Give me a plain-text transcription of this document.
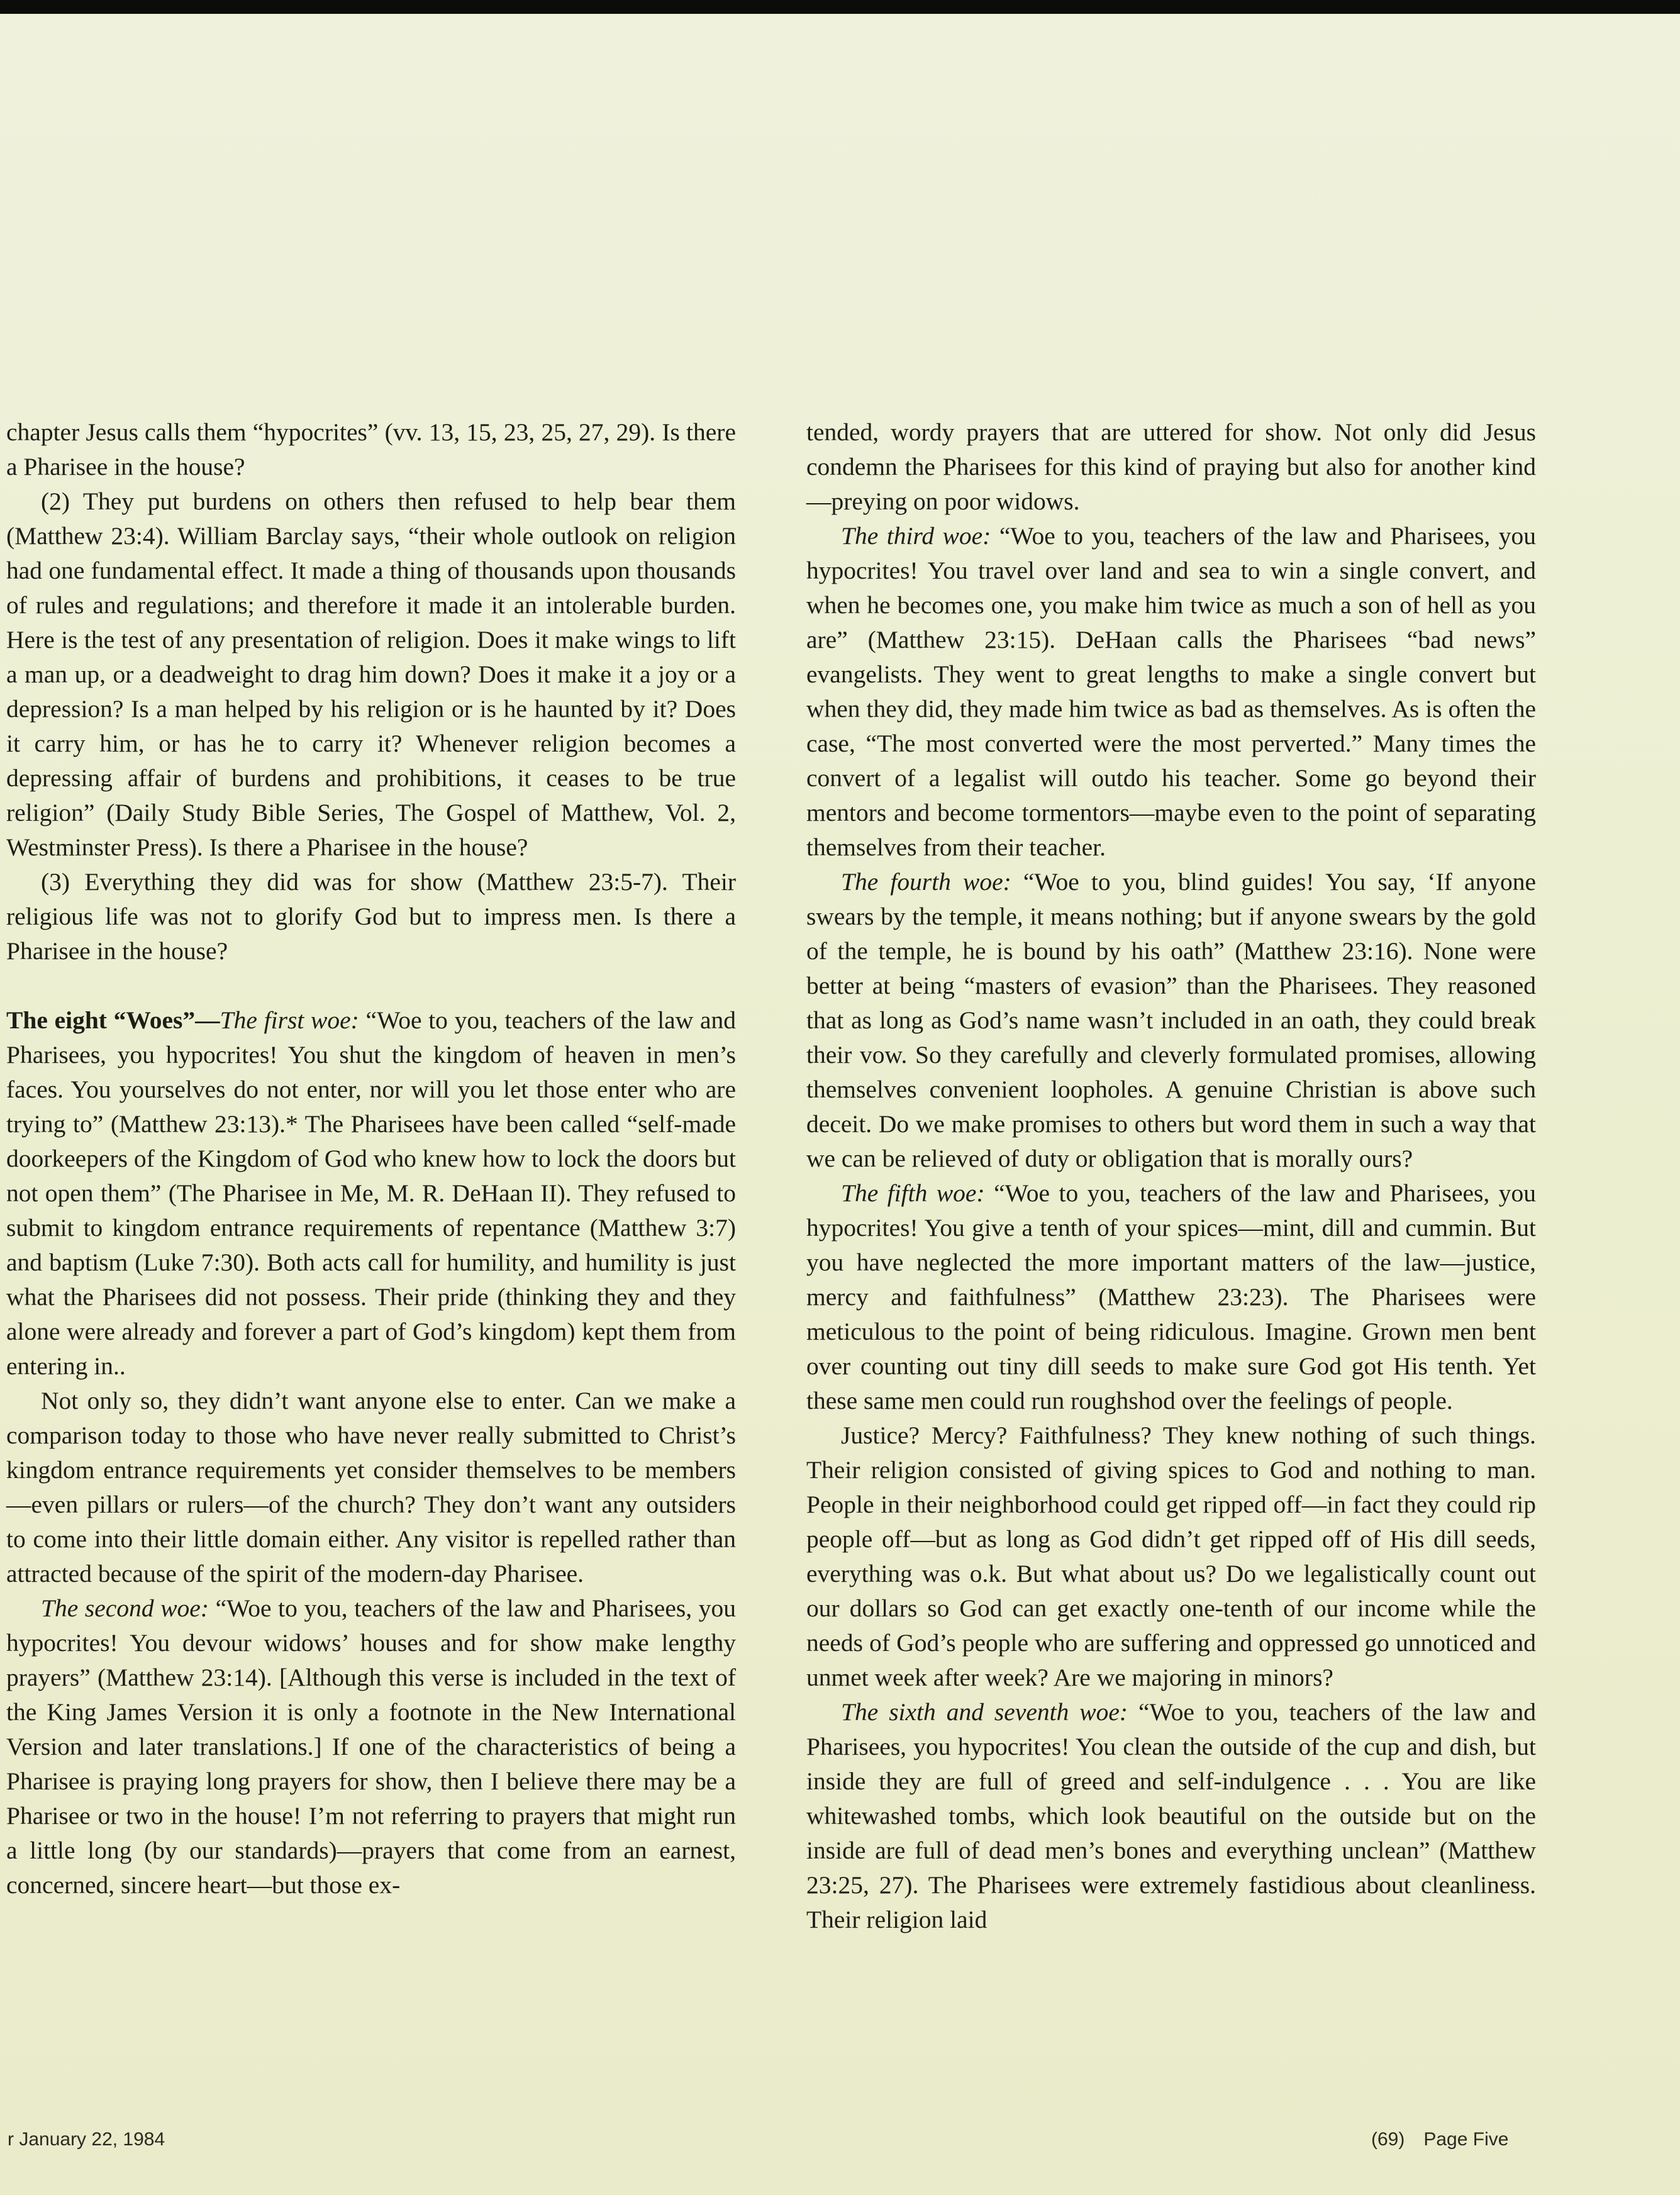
chapter Jesus calls them “hypocrites” (vv. 13, 15, 23, 25, 27, 29). Is there a Pharisee in the house?

(2) They put burdens on others then refused to help bear them (Matthew 23:4). William Barclay says, “their whole outlook on religion had one fundamental effect. It made a thing of thousands upon thousands of rules and regulations; and therefore it made it an intolerable burden. Here is the test of any presentation of religion. Does it make wings to lift a man up, or a deadweight to drag him down? Does it make it a joy or a depression? Is a man helped by his religion or is he haunted by it? Does it carry him, or has he to carry it? Whenever religion becomes a depressing affair of burdens and prohibitions, it ceases to be true religion” (Daily Study Bible Series, The Gospel of Matthew, Vol. 2, Westminster Press). Is there a Pharisee in the house?

(3) Everything they did was for show (Matthew 23:5-7). Their religious life was not to glorify God but to impress men. Is there a Pharisee in the house?

The eight “Woes”—The first woe: “Woe to you, teachers of the law and Pharisees, you hypocrites! You shut the kingdom of heaven in men’s faces. You yourselves do not enter, nor will you let those enter who are trying to” (Matthew 23:13).* The Pharisees have been called “self-made doorkeepers of the Kingdom of God who knew how to lock the doors but not open them” (The Pharisee in Me, M. R. DeHaan II). They refused to submit to kingdom entrance requirements of repentance (Matthew 3:7) and baptism (Luke 7:30). Both acts call for humility, and humility is just what the Pharisees did not possess. Their pride (thinking they and they alone were already and forever a part of God’s kingdom) kept them from entering in..

Not only so, they didn’t want anyone else to enter. Can we make a comparison today to those who have never really submitted to Christ’s kingdom entrance requirements yet consider themselves to be members—even pillars or rulers—of the church? They don’t want any outsiders to come into their little domain either. Any visitor is repelled rather than attracted because of the spirit of the modern-day Pharisee.

The second woe: “Woe to you, teachers of the law and Pharisees, you hypocrites! You devour widows’ houses and for show make lengthy prayers” (Matthew 23:14). [Although this verse is included in the text of the King James Version it is only a footnote in the New International Version and later translations.] If one of the characteristics of being a Pharisee is praying long prayers for show, then I believe there may be a Pharisee or two in the house! I’m not referring to prayers that might run a little long (by our standards)—prayers that come from an earnest, concerned, sincere heart—but those ex-

tended, wordy prayers that are uttered for show. Not only did Jesus condemn the Pharisees for this kind of praying but also for another kind—preying on poor widows.

The third woe: “Woe to you, teachers of the law and Pharisees, you hypocrites! You travel over land and sea to win a single convert, and when he becomes one, you make him twice as much a son of hell as you are” (Matthew 23:15). DeHaan calls the Pharisees “bad news” evangelists. They went to great lengths to make a single convert but when they did, they made him twice as bad as themselves. As is often the case, “The most converted were the most perverted.” Many times the convert of a legalist will outdo his teacher. Some go beyond their mentors and become tormentors—maybe even to the point of separating themselves from their teacher.

The fourth woe: “Woe to you, blind guides! You say, ‘If anyone swears by the temple, it means nothing; but if anyone swears by the gold of the temple, he is bound by his oath” (Matthew 23:16). None were better at being “masters of evasion” than the Pharisees. They reasoned that as long as God’s name wasn’t included in an oath, they could break their vow. So they carefully and cleverly formulated promises, allowing themselves convenient loopholes. A genuine Christian is above such deceit. Do we make promises to others but word them in such a way that we can be relieved of duty or obligation that is morally ours?

The fifth woe: “Woe to you, teachers of the law and Pharisees, you hypocrites! You give a tenth of your spices—mint, dill and cummin. But you have neglected the more important matters of the law—justice, mercy and faithfulness” (Matthew 23:23). The Pharisees were meticulous to the point of being ridiculous. Imagine. Grown men bent over counting out tiny dill seeds to make sure God got His tenth. Yet these same men could run roughshod over the feelings of people.

Justice? Mercy? Faithfulness? They knew nothing of such things. Their religion consisted of giving spices to God and nothing to man. People in their neighborhood could get ripped off—in fact they could rip people off—but as long as God didn’t get ripped off of His dill seeds, everything was o.k. But what about us? Do we legalistically count out our dollars so God can get exactly one-tenth of our income while the needs of God’s people who are suffering and oppressed go unnoticed and unmet week after week? Are we majoring in minors?

The sixth and seventh woe: “Woe to you, teachers of the law and Pharisees, you hypocrites! You clean the outside of the cup and dish, but inside they are full of greed and self-indulgence . . . You are like whitewashed tombs, which look beautiful on the outside but on the inside are full of dead men’s bones and everything unclean” (Matthew 23:25, 27). The Pharisees were extremely fastidious about cleanliness. Their religion laid

r January 22, 1984	(69) Page Five
